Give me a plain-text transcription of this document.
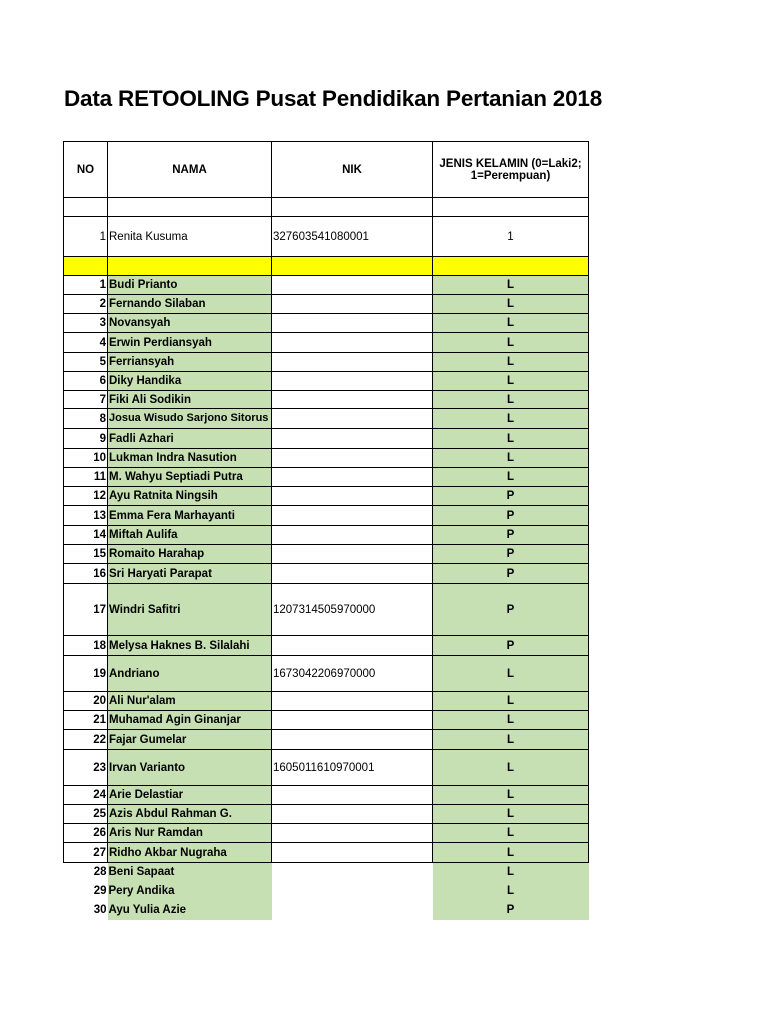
Data RETOOLING Pusat Pendidikan Pertanian 2018
NO	NAMA	NIK	JENIS KELAMIN (0=Laki2; 1=Perempuan)

1	Renita Kusuma	327603541080001	1

1	Budi Prianto		L
2	Fernando Silaban		L
3	Novansyah		L
4	Erwin Perdiansyah		L
5	Ferriansyah		L
6	Diky Handika		L
7	Fiki Ali Sodikin		L
8	Josua Wisudo Sarjono Sitorus		L
9	Fadli Azhari		L
10	Lukman Indra Nasution		L
11	M. Wahyu Septiadi Putra		L
12	Ayu Ratnita Ningsih		P
13	Emma Fera Marhayanti		P
14	Miftah Aulifa		P
15	Romaito Harahap		P
16	Sri Haryati Parapat		P
17	Windri Safitri	1207314505970000	P
18	Melysa Haknes B. Silalahi		P
19	Andriano	1673042206970000	L
20	Ali Nur'alam		L
21	Muhamad Agin Ginanjar		L
22	Fajar Gumelar		L
23	Irvan Varianto	1605011610970001	L
24	Arie Delastiar		L
25	Azis Abdul Rahman G.		L
26	Aris Nur Ramdan		L
27	Ridho Akbar Nugraha		L
28	Beni Sapaat		L
29	Pery Andika		L
30	Ayu Yulia Azie		P
